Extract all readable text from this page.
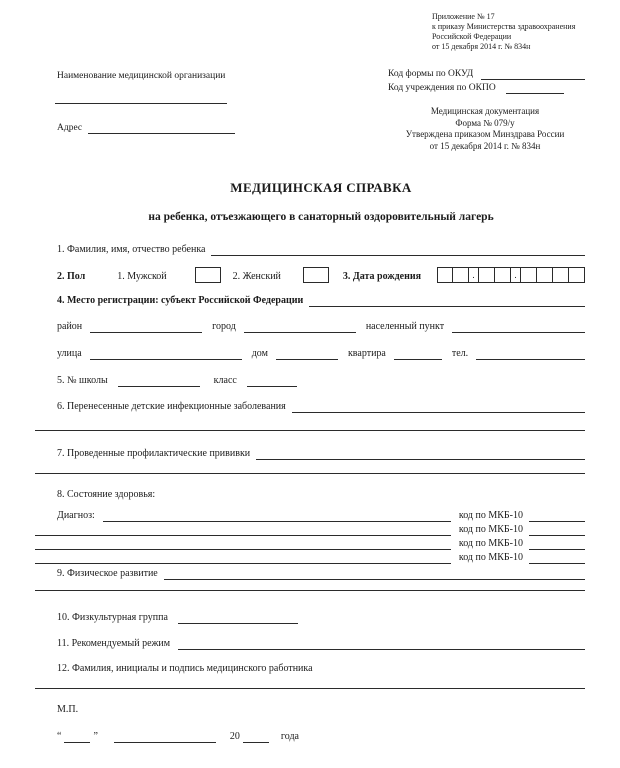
Приложение № 17
к приказу Министерства здравоохранения
Российской Федерации
от 15 декабря 2014 г. № 834н
Наименование медицинской организации	Код формы по ОКУД
Код учреждения по ОКПО
Адрес
Медицинская документация
Форма № 079/у
Утверждена приказом Минздрава России
от 15 декабря 2014 г. № 834н
МЕДИЦИНСКАЯ СПРАВКА
на ребенка, отъезжающего в санаторный оздоровительный лагерь
1. Фамилия, имя, отчество ребенка
2. Пол	1. Мужской	2. Женский	3. Дата рождения	.	.
4. Место регистрации: субъект Российской Федерации
район	город	населенный пункт
улица	дом	квартира	тел.
5. № школы	класс
6. Перенесенные детские инфекционные заболевания
7. Проведенные профилактические прививки
8. Состояние здоровья:
Диагноз:	код по МКБ-10
код по МКБ-10
код по МКБ-10
код по МКБ-10
9. Физическое развитие
10. Физкультурная группа
11. Рекомендуемый режим
12. Фамилия, инициалы и подпись медицинского работника
М.П.
“	”	20	года
